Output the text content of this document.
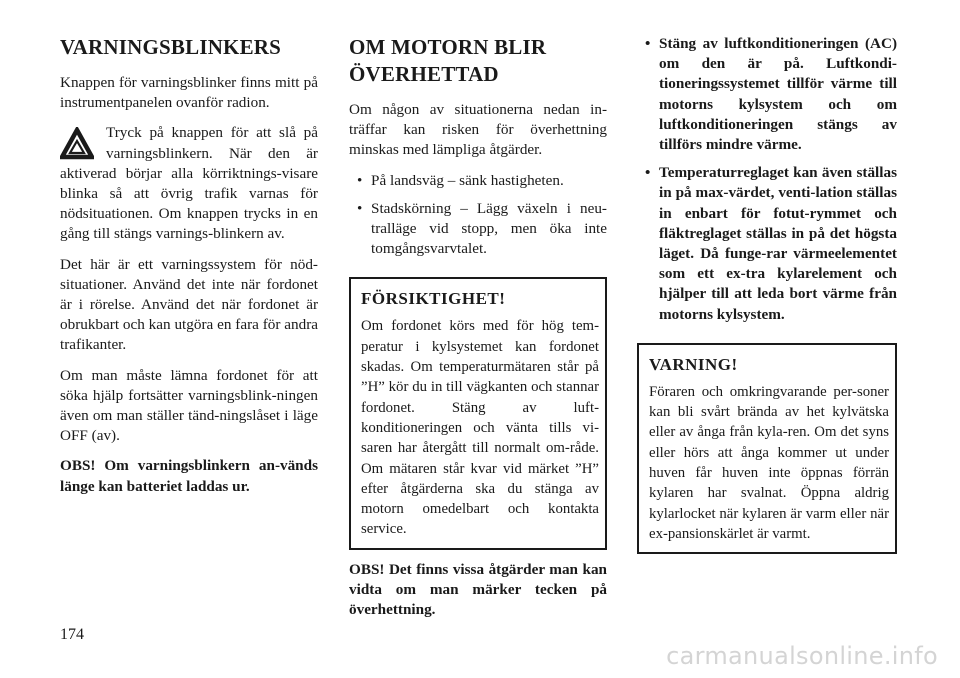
VARNINGSBLINKERS

Knappen för varningsblinker finns mitt på instrumentpanelen ovanför radion.

Tryck på knappen för att slå på varningsblinkern. När den är aktiverad börjar alla körriktnings-visare blinka så att övrig trafik varnas för nödsituationen. Om knappen trycks in en gång till stängs varnings-blinkern av.

Det här är ett varningssystem för nöd-situationer. Använd det inte när fordonet är i rörelse. Använd det när fordonet är obrukbart och kan utgöra en fara för andra trafikanter.

Om man måste lämna fordonet för att söka hjälp fortsätter varningsblink-ningen även om man ställer tänd-ningslåset i läge OFF (av).

OBS! Om varningsblinkern an-vänds länge kan batteriet laddas ur.

OM MOTORN BLIR ÖVERHETTAD

Om någon av situationerna nedan in-träffar kan risken för överhettning minskas med lämpliga åtgärder.

• På landsväg – sänk hastigheten.
• Stadskörning – Lägg växeln i neu-tralläge vid stopp, men öka inte tomgångsvarvtalet.
FÖRSIKTIGHET!

Om fordonet körs med för hög tem-peratur i kylsystemet kan fordonet skadas. Om temperaturmätaren står på ”H” kör du in till vägkanten och stannar fordonet. Stäng av luft-konditioneringen och vänta tills vi-saren har återgått till normalt om-råde. Om mätaren står kvar vid märket ”H” efter åtgärderna ska du stänga av motorn omedelbart och kontakta service.

OBS! Det finns vissa åtgärder man kan vidta om man märker tecken på överhettning.

• Stäng av luftkonditioneringen (AC) om den är på. Luftkondi-tioneringssystemet tillför värme till motorns kylsystem och om luftkonditioneringen stängs av tillförs mindre värme.
• Temperaturreglaget kan även ställas in på max-värdet, venti-lation ställas in enbart för fotut-rymmet och fläktreglaget ställas in på det högsta läget. Då funge-rar värmeelementet som ett ex-tra kylarelement och hjälper till att leda bort värme från motorns kylsystem.
VARNING!

Föraren och omkringvarande per-soner kan bli svårt brända av het kylvätska eller av ånga från kyla-ren. Om det syns eller hörs att ånga kommer ut under huven får huven inte öppnas förrän kylaren har svalnat. Öppna aldrig kylarlocket när kylaren är varm eller när ex-pansionskärlet är varmt.

174
carmanualsonline.info
